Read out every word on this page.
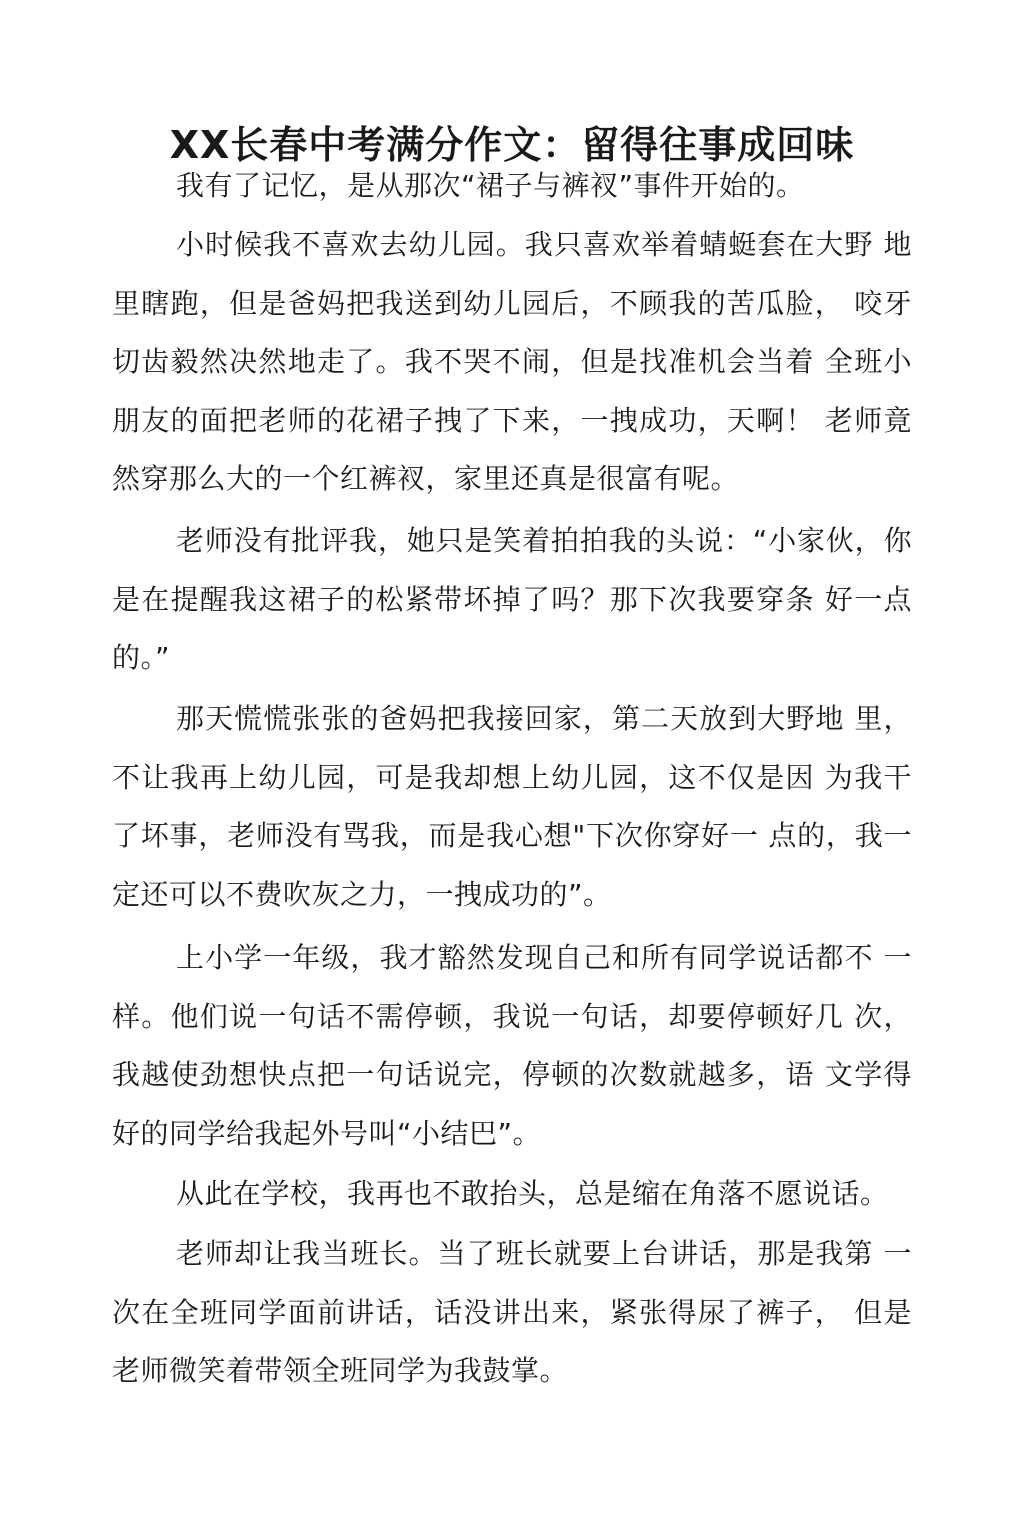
XX长春中考满分作文：留得往事成回味

我有了记忆，是从那次“裙子与裤衩”事件开始的。

小时候我不喜欢去幼儿园。我只喜欢举着蜻蜓套在大野 地里瞎跑，但是爸妈把我送到幼儿园后，不顾我的苦瓜脸， 咬牙切齿毅然决然地走了。我不哭不闹，但是找准机会当着 全班小朋友的面把老师的花裙子拽了下来，一拽成功，天啊！ 老师竟然穿那么大的一个红裤衩，家里还真是很富有呢。

老师没有批评我，她只是笑着拍拍我的头说：“小家伙，你是在提醒我这裙子的松紧带坏掉了吗？那下次我要穿条 好一点的。”

那天慌慌张张的爸妈把我接回家，第二天放到大野地 里，不让我再上幼儿园，可是我却想上幼儿园，这不仅是因 为我干了坏事，老师没有骂我，而是我心想"下次你穿好一 点的，我一定还可以不费吹灰之力，一拽成功的”。

上小学一年级，我才豁然发现自己和所有同学说话都不 一样。他们说一句话不需停顿，我说一句话，却要停顿好几 次，我越使劲想快点把一句话说完，停顿的次数就越多，语 文学得好的同学给我起外号叫“小结巴”。

从此在学校，我再也不敢抬头，总是缩在角落不愿说话。

老师却让我当班长。当了班长就要上台讲话，那是我第 一次在全班同学面前讲话，话没讲出来，紧张得尿了裤子， 但是老师微笑着带领全班同学为我鼓掌。
